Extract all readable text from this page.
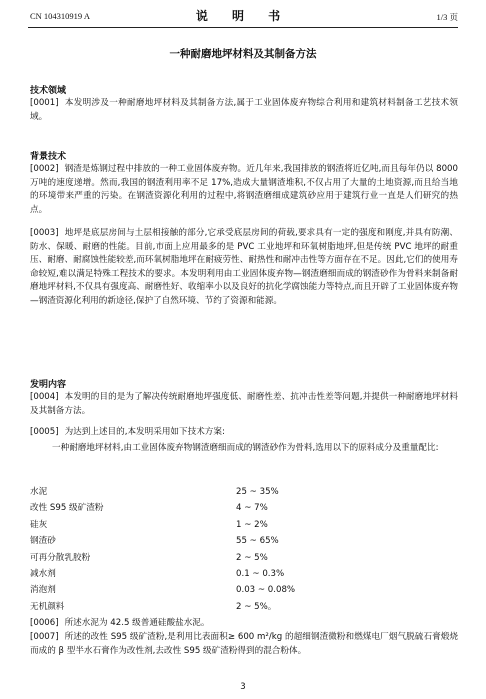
CN 104310919 A	说 明 书	1/3 页
一种耐磨地坪材料及其制备方法
技术领域
[0001] 本发明涉及一种耐磨地坪材料及其制备方法,属于工业固体废弃物综合利用和建筑材料制备工艺技术领域。
背景技术
[0002] 钢渣是炼钢过程中排放的一种工业固体废弃物。近几年来,我国排放的钢渣将近亿吨,而且每年仍以 8000 万吨的速度递增。然而,我国的钢渣利用率不足 17%,造成大量钢渣堆积,不仅占用了大量的土地资源,而且给当地的环境带来严重的污染。在钢渣资源化利用的过程中,将钢渣磨细成建筑砂应用于建筑行业一直是人们研究的热点。
[0003] 地坪是底层房间与土层相接触的部分,它承受底层房间的荷载,要求具有一定的强度和刚度,并具有防潮、防水、保暖、耐磨的性能。目前,市面上应用最多的是 PVC 工业地坪和环氧树脂地坪,但是传统 PVC 地坪的耐重压、耐磨、耐腐蚀性能较差,而环氧树脂地坪在耐疲劳性、耐热性和耐冲击性等方面存在不足。因此,它们的使用寿命较短,难以满足特殊工程技术的要求。本发明利用由工业固体废弃物—钢渣磨细而成的钢渣砂作为骨料来制备耐磨地坪材料,不仅具有强度高、耐磨性好、收缩率小以及良好的抗化学腐蚀能力等特点,而且开辟了工业固体废弃物—钢渣资源化利用的新途径,保护了自然环境、节约了资源和能源。
发明内容
[0004] 本发明的目的是为了解决传统耐磨地坪强度低、耐磨性差、抗冲击性差等问题,并提供一种耐磨地坪材料及其制备方法。
[0005] 为达到上述目的,本发明采用如下技术方案:
一种耐磨地坪材料,由工业固体废弃物钢渣磨细而成的钢渣砂作为骨料,选用以下的原料成分及重量配比:
水泥	25 ~ 35%
改性 S95 级矿渣粉	4 ~ 7%
硅灰	1 ~ 2%
钢渣砂	55 ~ 65%
可再分散乳胶粉	2 ~ 5%
减水剂	0.1 ~ 0.3%
消泡剂	0.03 ~ 0.08%
无机颜料	2 ~ 5%。
[0006] 所述水泥为 42.5 级普通硅酸盐水泥。
[0007] 所述的改性 S95 级矿渣粉,是利用比表面积≥ 600 m²/kg 的超细钢渣微粉和燃煤电厂烟气脱硫石膏煅烧而成的 β 型半水石膏作为改性剂,去改性 S95 级矿渣粉得到的混合粉体。
3
